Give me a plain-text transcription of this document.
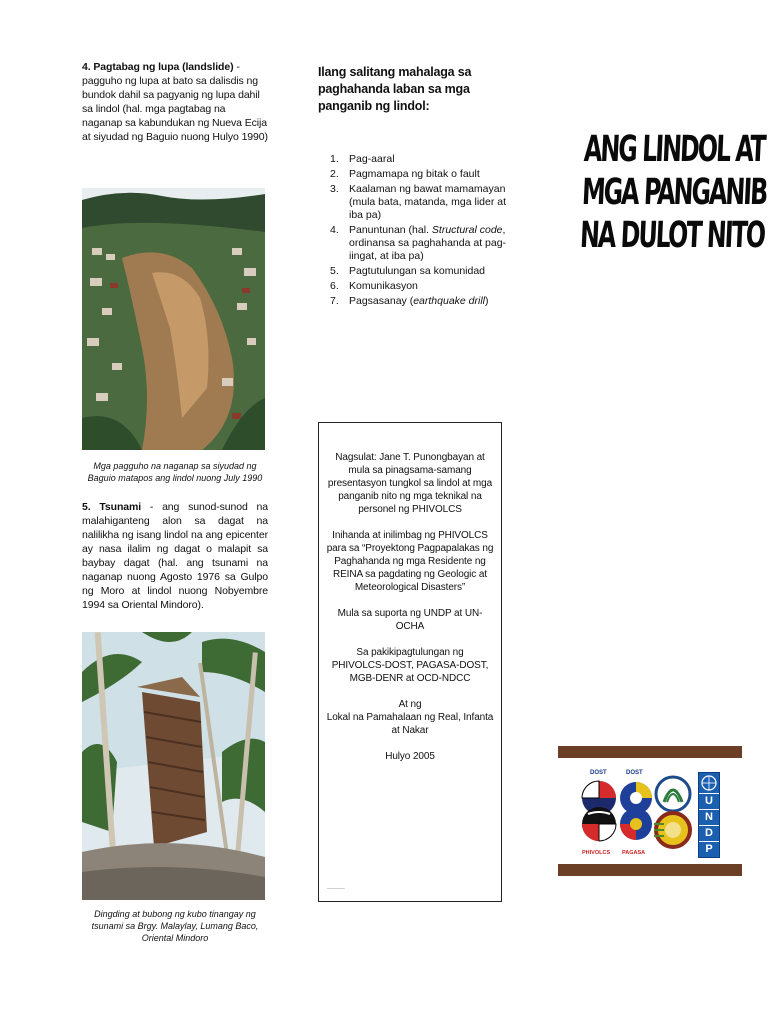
4. Pagtabag ng lupa (landslide) - pagguho ng lupa at bato sa dalisdis ng bundok dahil sa pagyanig ng lupa dahil sa lindol (hal. mga pagtabag na naganap sa kabundukan ng Nueva Ecija at siyudad ng Baguio nuong Hulyo 1990)

Mga pagguho na naganap sa siyudad ng Baguio matapos ang lindol nuong July 1990

5. Tsunami - ang sunod-sunod na malahiganteng alon sa dagat na nalilikha ng isang lindol na ang epicenter ay nasa ilalim ng dagat o malapit sa baybay dagat (hal. ang tsunami na naganap nuong Agosto 1976 sa Gulpo ng Moro at lindol nuong Nobyembre 1994 sa Oriental Mindoro).

Dingding at bubong ng kubo tinangay ng tsunami sa Brgy. Malaylay, Lumang Baco, Oriental Mindoro

Ilang salitang mahalaga sa paghahanda laban sa mga panganib ng lindol:

1. Pag-aaral
2. Pagmamapa ng bitak o fault
3. Kaalaman ng bawat mamamayan (mula bata, matanda, mga lider at iba pa)
4. Panuntunan (hal. Structural code, ordinansa sa paghahanda at pag-iingat, at iba pa)
5. Pagtutulungan sa komunidad
6. Komunikasyon
7. Pagsasanay (earthquake drill)

Nagsulat: Jane T. Punongbayan at mula sa pinagsama-samang presentasyon tungkol sa lindol at mga panganib nito ng mga teknikal na personel ng PHIVOLCS

Inihanda at inilimbag ng PHIVOLCS para sa “Proyektong Pagpapalakas ng Paghahanda ng mga Residente ng REINA sa pagdating ng Geologic at Meteorological Disasters”

Mula sa suporta ng UNDP at UN-OCHA

Sa pakikipagtulungan ng

PHIVOLCS-DOST, PAGASA-DOST,

MGB-DENR at OCD-NDCC

At ng

Lokal na Pamahalaan ng Real, Infanta at Nakar

Hulyo 2005

________
ANG LINDOL AT
MGA PANGANIB
NA DULOT NITO
DOST
PHIVOLCS
DOST
PAGASA
U
N
D
P
